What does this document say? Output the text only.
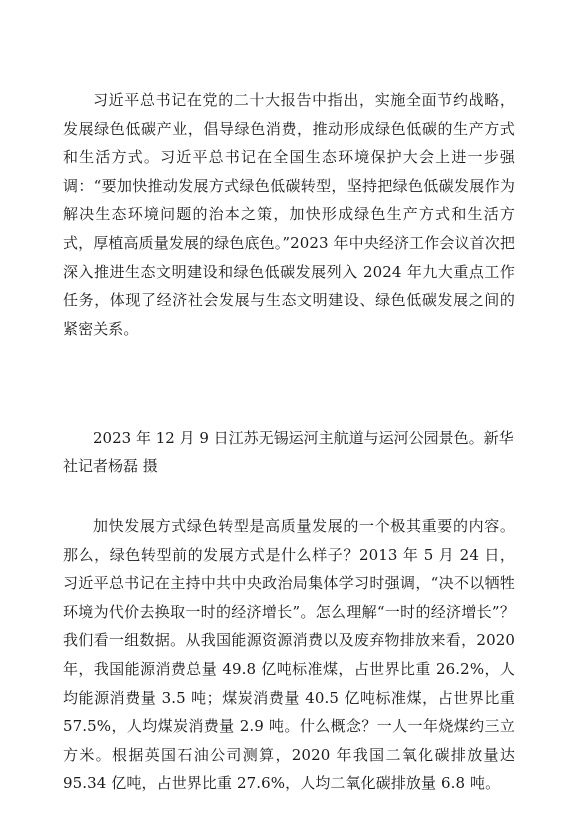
习近平总书记在党的二十大报告中指出，实施全面节约战略，发展绿色低碳产业，倡导绿色消费，推动形成绿色低碳的生产方式和生活方式。习近平总书记在全国生态环境保护大会上进一步强调：“要加快推动发展方式绿色低碳转型，坚持把绿色低碳发展作为解决生态环境问题的治本之策，加快形成绿色生产方式和生活方式，厚植高质量发展的绿色底色。”2023 年中央经济工作会议首次把深入推进生态文明建设和绿色低碳发展列入 2024 年九大重点工作任务，体现了经济社会发展与生态文明建设、绿色低碳发展之间的紧密关系。

2023 年 12 月 9 日江苏无锡运河主航道与运河公园景色。新华社记者杨磊 摄

加快发展方式绿色转型是高质量发展的一个极其重要的内容。那么，绿色转型前的发展方式是什么样子？2013 年 5 月 24 日，习近平总书记在主持中共中央政治局集体学习时强调，“决不以牺牲环境为代价去换取一时的经济增长”。怎么理解“一时的经济增长”？我们看一组数据。从我国能源资源消费以及废弃物排放来看，2020 年，我国能源消费总量 49.8 亿吨标准煤，占世界比重 26.2%，人均能源消费量 3.5 吨；煤炭消费量 40.5 亿吨标准煤，占世界比重 57.5%，人均煤炭消费量 2.9 吨。什么概念？一人一年烧煤约三立方米。根据英国石油公司测算，2020 年我国二氧化碳排放量达 95.34 亿吨，占世界比重 27.6%，人均二氧化碳排放量 6.8 吨。
